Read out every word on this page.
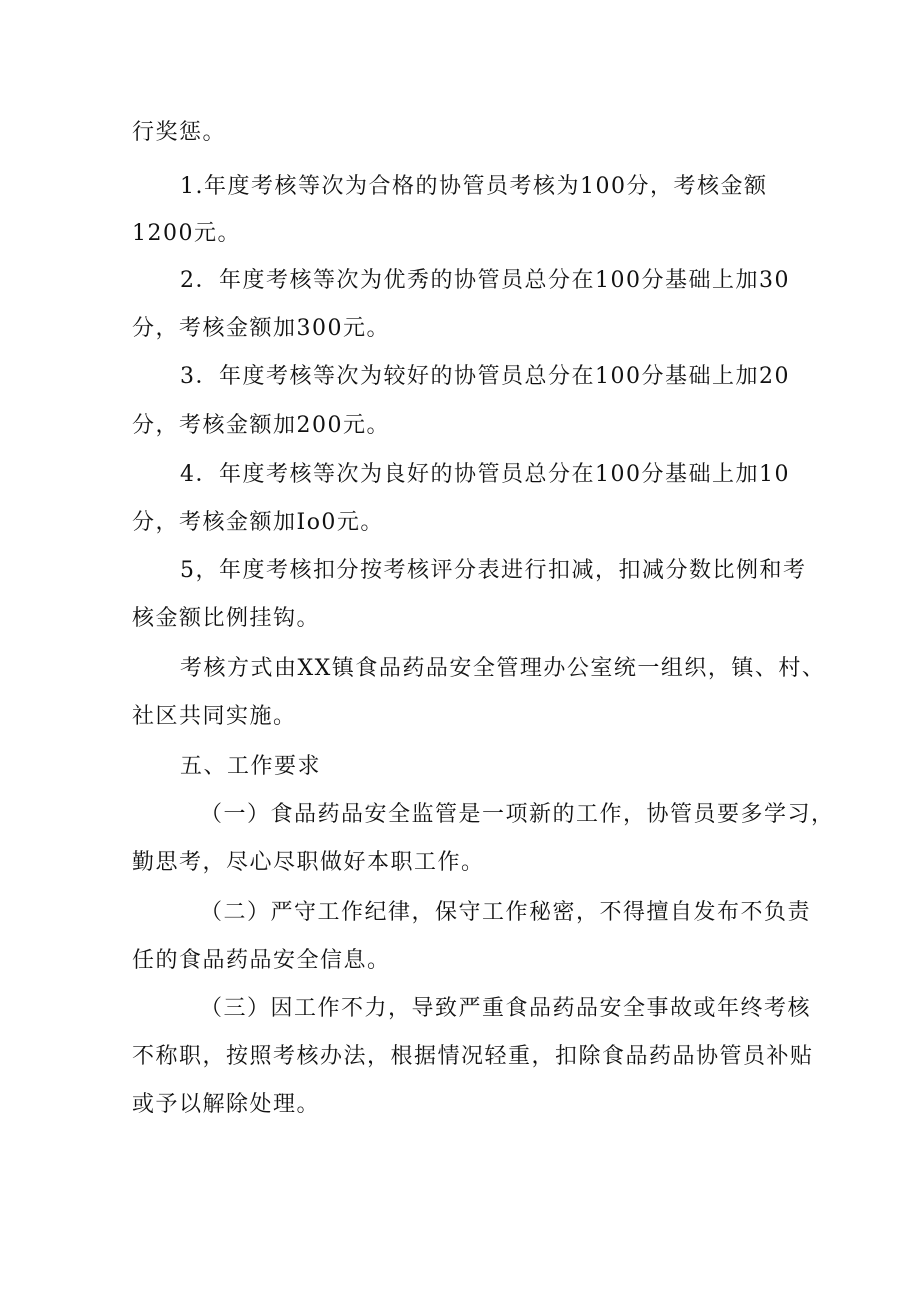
行奖惩。
1.年度考核等次为合格的协管员考核为100分，考核金额
1200元。
2．年度考核等次为优秀的协管员总分在100分基础上加30
分，考核金额加300元。
3．年度考核等次为较好的协管员总分在100分基础上加20
分，考核金额加200元。
4．年度考核等次为良好的协管员总分在100分基础上加10
分，考核金额加Io0元。
5，年度考核扣分按考核评分表进行扣减，扣减分数比例和考
核金额比例挂钩。
考核方式由XX镇食品药品安全管理办公室统一组织，镇、村、
社区共同实施。
五、工作要求
（一）食品药品安全监管是一项新的工作，协管员要多学习，
勤思考，尽心尽职做好本职工作。
（二）严守工作纪律，保守工作秘密，不得擅自发布不负责
任的食品药品安全信息。
（三）因工作不力，导致严重食品药品安全事故或年终考核
不称职，按照考核办法，根据情况轻重，扣除食品药品协管员补贴
或予以解除处理。
